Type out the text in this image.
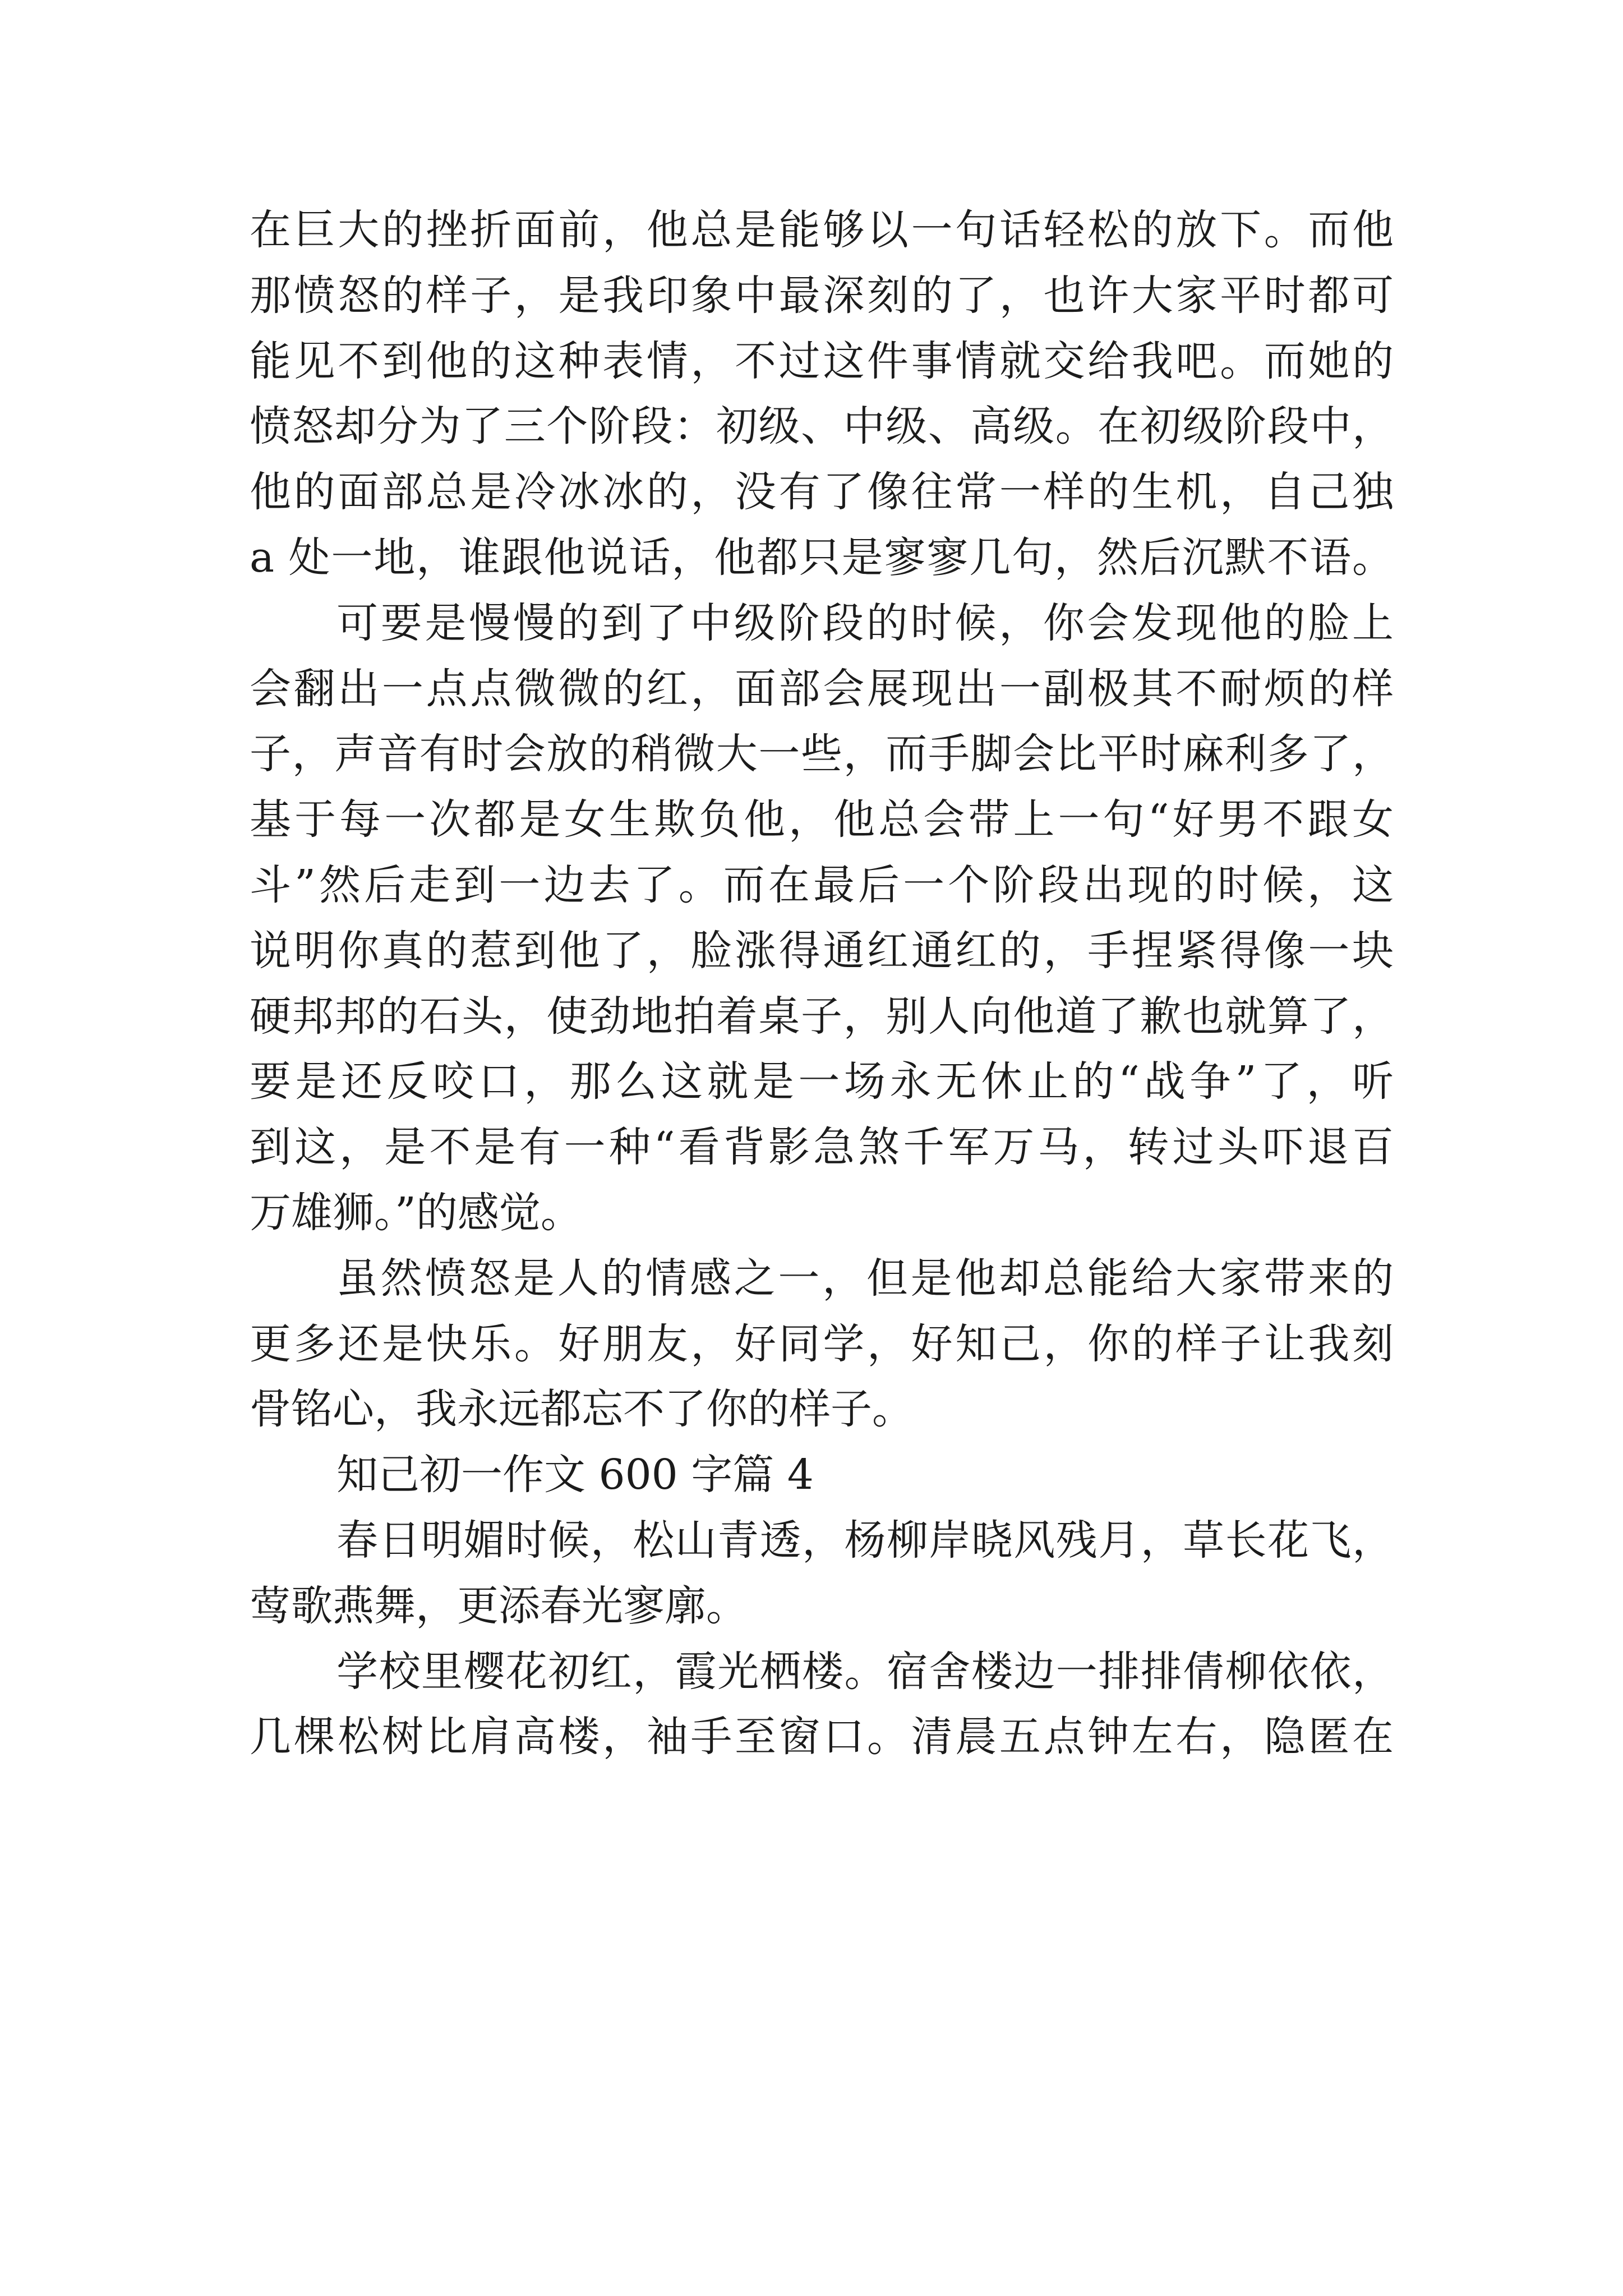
在巨大的挫折面前，他总是能够以一句话轻松的放下。而他
那愤怒的样子，是我印象中最深刻的了，也许大家平时都可
能见不到他的这种表情，不过这件事情就交给我吧。而她的
愤怒却分为了三个阶段：初级、中级、高级。在初级阶段中，
他的面部总是冷冰冰的，没有了像往常一样的生机，自己独
a 处一地，谁跟他说话，他都只是寥寥几句，然后沉默不语。
可要是慢慢的到了中级阶段的时候，你会发现他的脸上
会翻出一点点微微的红，面部会展现出一副极其不耐烦的样
子，声音有时会放的稍微大一些，而手脚会比平时麻利多了，
基于每一次都是女生欺负他，他总会带上一句“好男不跟女
斗”然后走到一边去了。而在最后一个阶段出现的时候，这
说明你真的惹到他了，脸涨得通红通红的，手捏紧得像一块
硬邦邦的石头，使劲地拍着桌子，别人向他道了歉也就算了，
要是还反咬口，那么这就是一场永无休止的“战争”了，听
到这，是不是有一种“看背影急煞千军万马，转过头吓退百
万雄狮。”的感觉。
虽然愤怒是人的情感之一，但是他却总能给大家带来的
更多还是快乐。好朋友，好同学，好知己，你的样子让我刻
骨铭心，我永远都忘不了你的样子。
知己初一作文 600 字篇 4
春日明媚时候，松山青透，杨柳岸晓风残月，草长花飞，
莺歌燕舞，更添春光寥廓。
学校里樱花初红，霞光栖楼。宿舍楼边一排排倩柳依依，
几棵松树比肩高楼，袖手至窗口。清晨五点钟左右，隐匿在
